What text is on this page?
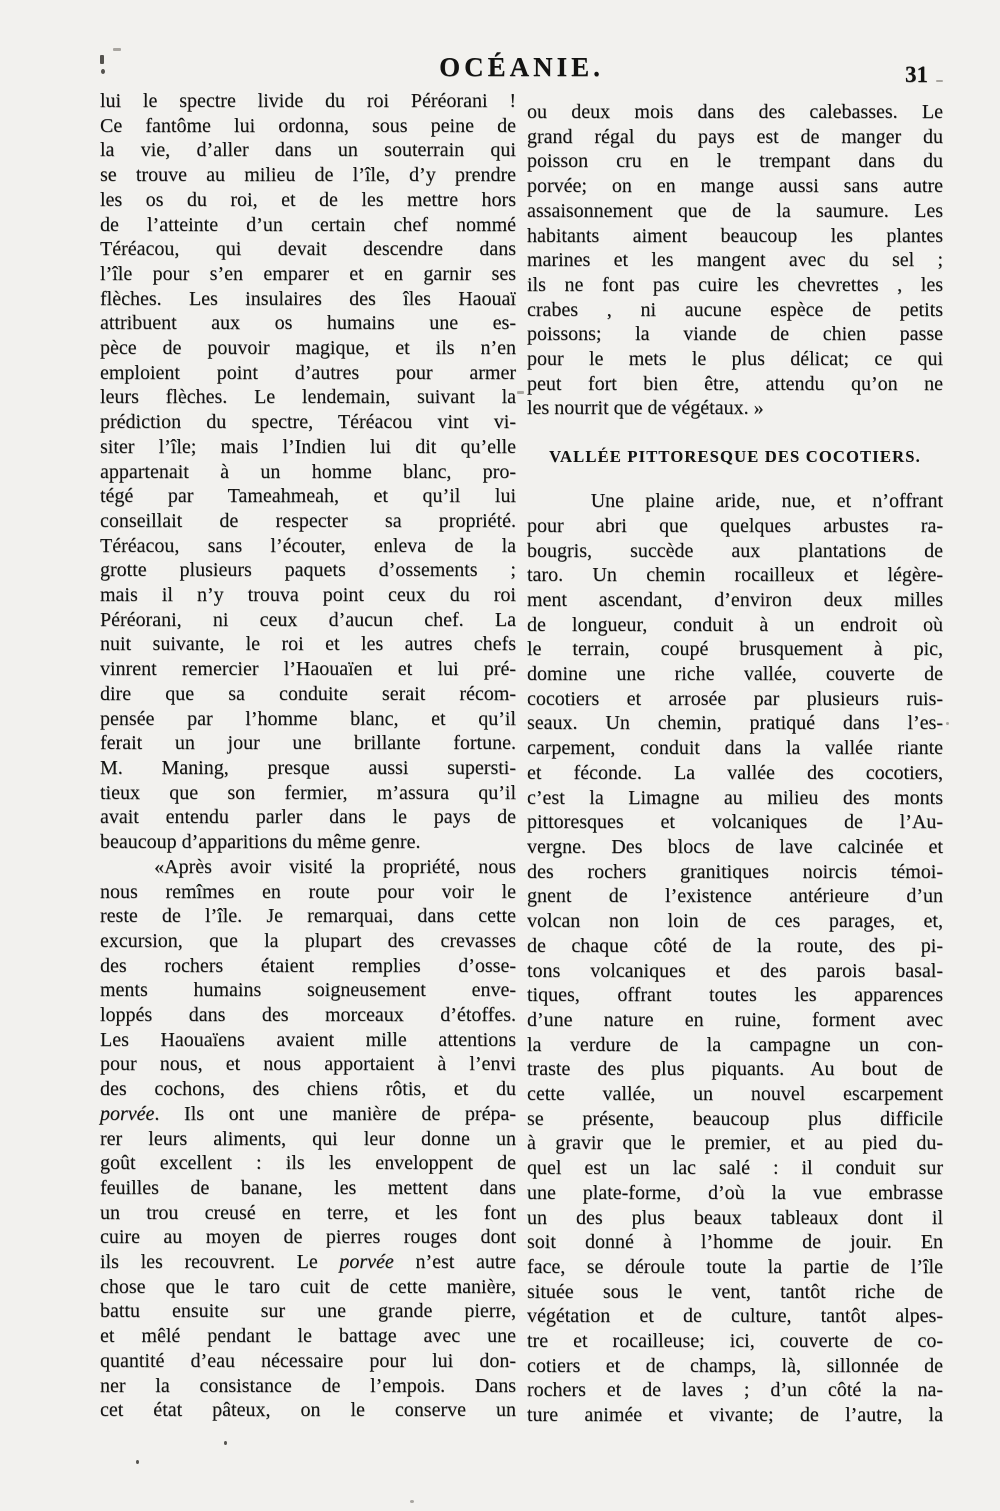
OCÉANIE.	31
lui le spectre livide du roi Péréorani !
Ce fantôme lui ordonna, sous peine de
la vie, d’aller dans un souterrain qui
se trouve au milieu de l’île, d’y prendre
les os du roi, et de les mettre hors
de l’atteinte d’un certain chef nommé
Téréacou, qui devait descendre dans
l’île pour s’en emparer et en garnir ses
flèches. Les insulaires des îles Haouaï
attribuent aux os humains une es-
pèce de pouvoir magique, et ils n’en
emploient point d’autres pour armer
leurs flèches. Le lendemain, suivant la
prédiction du spectre, Téréacou vint vi-
siter l’île; mais l’Indien lui dit qu’elle
appartenait à un homme blanc, pro-
tégé par Tameahmeah, et qu’il lui
conseillait de respecter sa propriété.
Téréacou, sans l’écouter, enleva de la
grotte plusieurs paquets d’ossements ;
mais il n’y trouva point ceux du roi
Péréorani, ni ceux d’aucun chef. La
nuit suivante, le roi et les autres chefs
vinrent remercier l’Haouaïen et lui pré-
dire que sa conduite serait récom-
pensée par l’homme blanc, et qu’il
ferait un jour une brillante fortune.
M. Maning, presque aussi supersti-
tieux que son fermier, m’assura qu’il
avait entendu parler dans le pays de
beaucoup d’apparitions du même genre.
«Après avoir visité la propriété, nous
nous remîmes en route pour voir le
reste de l’île. Je remarquai, dans cette
excursion, que la plupart des crevasses
des rochers étaient remplies d’osse-
ments humains soigneusement enve-
loppés dans des morceaux d’étoffes.
Les Haouaïens avaient mille attentions
pour nous, et nous apportaient à l’envi
des cochons, des chiens rôtis, et du
porvée. Ils ont une manière de prépa-
rer leurs aliments, qui leur donne un
goût excellent : ils les enveloppent de
feuilles de banane, les mettent dans
un trou creusé en terre, et les font
cuire au moyen de pierres rouges dont
ils les recouvrent. Le porvée n’est autre
chose que le taro cuit de cette manière,
battu ensuite sur une grande pierre,
et mêlé pendant le battage avec une
quantité d’eau nécessaire pour lui don-
ner la consistance de l’empois. Dans
cet état pâteux, on le conserve un
ou deux mois dans des calebasses. Le
grand régal du pays est de manger du
poisson cru en le trempant dans du
porvée; on en mange aussi sans autre
assaisonnement que de la saumure. Les
habitants aiment beaucoup les plantes
marines et les mangent avec du sel ;
ils ne font pas cuire les chevrettes , les
crabes , ni aucune espèce de petits
poissons; la viande de chien passe
pour le mets le plus délicat; ce qui
peut fort bien être, attendu qu’on ne
les nourrit que de végétaux. »
VALLÉE PITTORESQUE DES COCOTIERS.
Une plaine aride, nue, et n’offrant
pour abri que quelques arbustes ra-
bougris, succède aux plantations de
taro. Un chemin rocailleux et légère-
ment ascendant, d’environ deux milles
de longueur, conduit à un endroit où
le terrain, coupé brusquement à pic,
domine une riche vallée, couverte de
cocotiers et arrosée par plusieurs ruis-
seaux. Un chemin, pratiqué dans l’es-
carpement, conduit dans la vallée riante
et féconde. La vallée des cocotiers,
c’est la Limagne au milieu des monts
pittoresques et volcaniques de l’Au-
vergne. Des blocs de lave calcinée et
des rochers granitiques noircis témoi-
gnent de l’existence antérieure d’un
volcan non loin de ces parages, et,
de chaque côté de la route, des pi-
tons volcaniques et des parois basal-
tiques, offrant toutes les apparences
d’une nature en ruine, forment avec
la verdure de la campagne un con-
traste des plus piquants. Au bout de
cette vallée, un nouvel escarpement
se présente, beaucoup plus difficile
à gravir que le premier, et au pied du-
quel est un lac salé : il conduit sur
une plate-forme, d’où la vue embrasse
un des plus beaux tableaux dont il
soit donné à l’homme de jouir. En
face, se déroule toute la partie de l’île
située sous le vent, tantôt riche de
végétation et de culture, tantôt alpes-
tre et rocailleuse; ici, couverte de co-
cotiers et de champs, là, sillonnée de
rochers et de laves ; d’un côté la na-
ture animée et vivante; de l’autre, la
